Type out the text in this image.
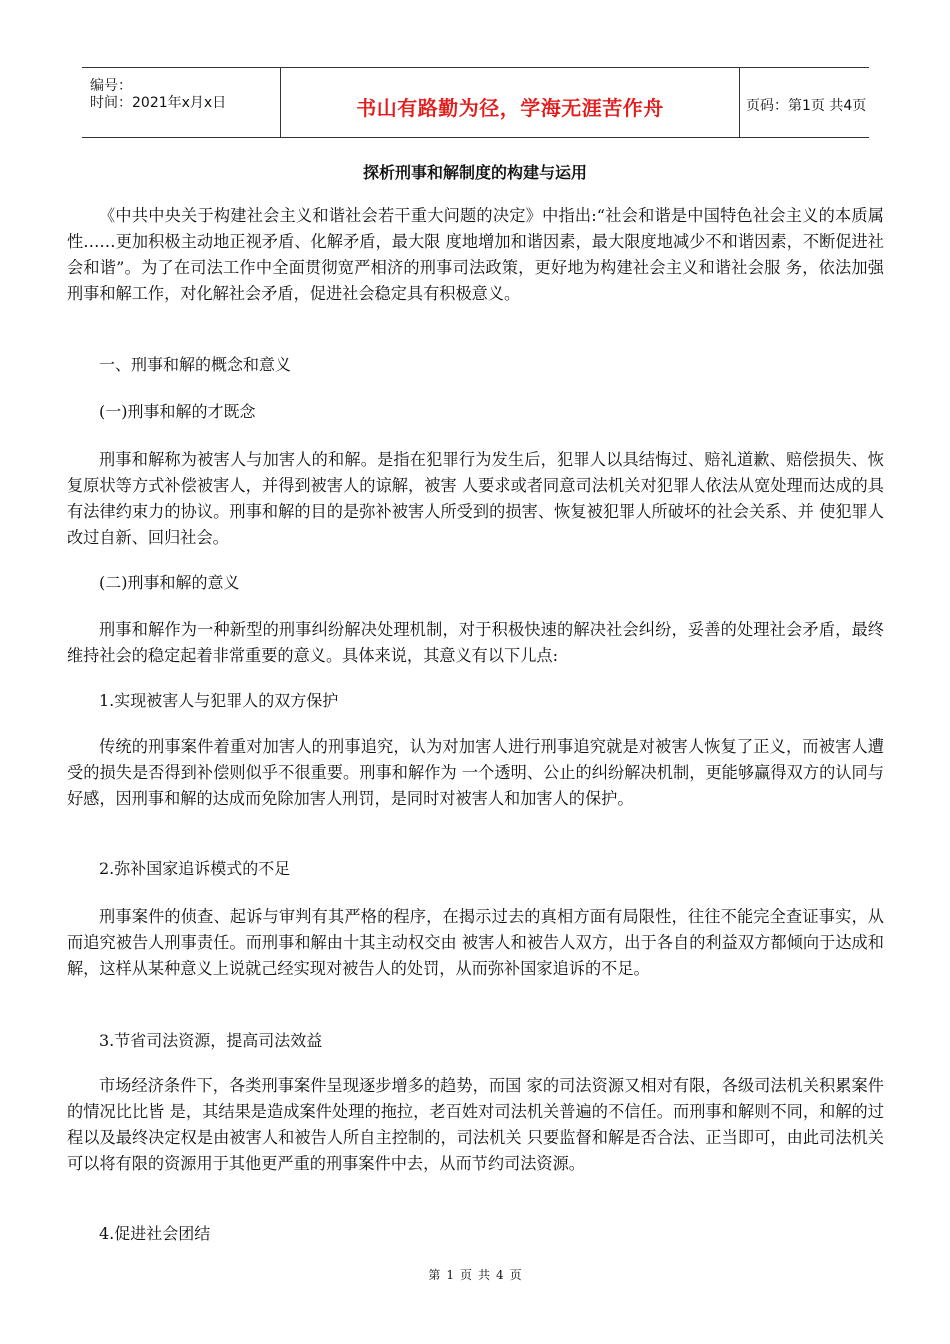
编号：
时间：2021年x月x日	书山有路勤为径，学海无涯苦作舟	页码：第1页 共4页
探析刑事和解制度的构建与运用
《中共中央关于构建社会主义和谐社会若干重大问题的决定》中指出:“社会和谐是中国特色社会主义的本质属性……更加积极主动地正视矛盾、化解矛盾，最大限 度地增加和谐因素，最大限度地减少不和谐因素，不断促进社会和谐”。为了在司法工作中全面贯彻宽严相济的刑事司法政策，更好地为构建社会主义和谐社会服 务，依法加强刑事和解工作，对化解社会矛盾，促进社会稳定具有积极意义。
一、刑事和解的概念和意义
(一)刑事和解的才既念
刑事和解称为被害人与加害人的和解。是指在犯罪行为发生后，犯罪人以具结悔过、赔礼道歉、赔偿损失、恢复原状等方式补偿被害人，并得到被害人的谅解，被害 人要求或者同意司法机关对犯罪人依法从宽处理而达成的具有法律约束力的协议。刑事和解的目的是弥补被害人所受到的损害、恢复被犯罪人所破坏的社会关系、并 使犯罪人改过自新、回归社会。
(二)刑事和解的意义
刑事和解作为一种新型的刑事纠纷解决处理机制，对于积极快速的解决社会纠纷，妥善的处理社会矛盾，最终维持社会的稳定起着非常重要的意义。具体来说，其意义有以下儿点:
1.实现被害人与犯罪人的双方保护
传统的刑事案件着重对加害人的刑事追究，认为对加害人进行刑事追究就是对被害人恢复了正义，而被害人遭受的损失是否得到补偿则似乎不很重要。刑事和解作为 一个透明、公止的纠纷解决机制，更能够赢得双方的认同与好感，因刑事和解的达成而免除加害人刑罚，是同时对被害人和加害人的保护。
2.弥补国家追诉模式的不足
刑事案件的侦查、起诉与审判有其严格的程序，在揭示过去的真相方面有局限性，往往不能完全查证事实，从而追究被告人刑事责任。而刑事和解由十其主动权交由 被害人和被告人双方，出于各自的利益双方都倾向于达成和解，这样从某种意义上说就己经实现对被告人的处罚，从而弥补国家追诉的不足。
3.节省司法资源，提高司法效益
市场经济条件下，各类刑事案件呈现逐步增多的趋势，而国 家的司法资源又相对有限，各级司法机关积累案件的情况比比皆 是，其结果是造成案件处理的拖拉，老百姓对司法机关普遍的不信任。而刑事和解则不同，和解的过程以及最终决定权是由被害人和被告人所自主控制的，司法机关 只要监督和解是否合法、正当即可，由此司法机关可以将有限的资源用于其他更严重的刑事案件中去，从而节约司法资源。
4.促进社会团结
第 1 页 共 4 页
